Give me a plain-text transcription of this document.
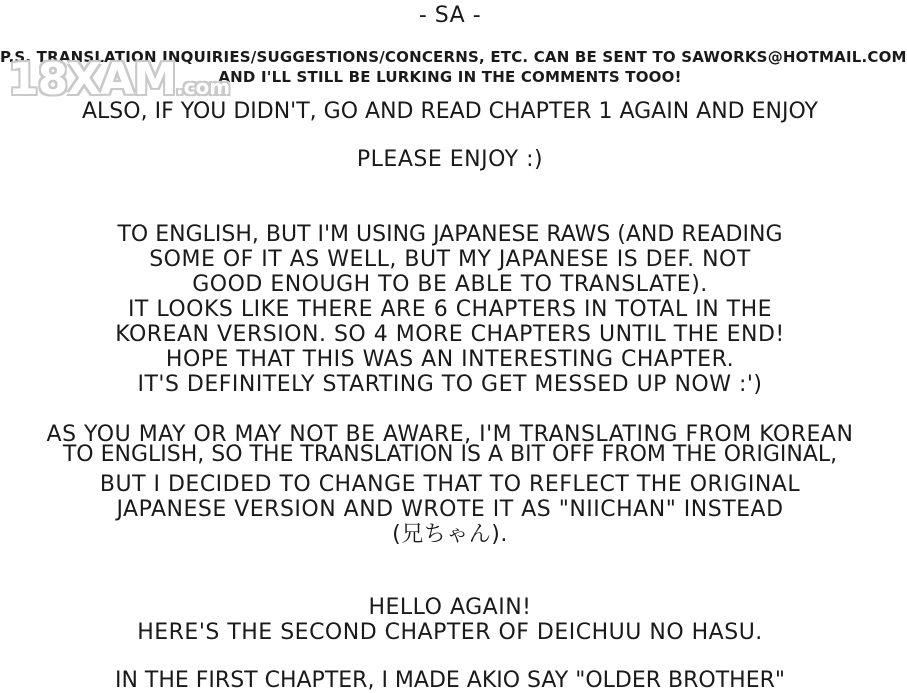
- SA -
P.S. TRANSLATION INQUIRIES/SUGGESTIONS/CONCERNS, ETC. CAN BE SENT TO SAWORKS@HOTMAIL.COM
AND I'LL STILL BE LURKING IN THE COMMENTS TOOO!
ALSO, IF YOU DIDN'T, GO AND READ CHAPTER 1 AGAIN AND ENJOY
PLEASE ENJOY :)
TO ENGLISH, BUT I'M USING JAPANESE RAWS (AND READING
SOME OF IT AS WELL, BUT MY JAPANESE IS DEF. NOT
GOOD ENOUGH TO BE ABLE TO TRANSLATE).
IT LOOKS LIKE THERE ARE 6 CHAPTERS IN TOTAL IN THE
KOREAN VERSION. SO 4 MORE CHAPTERS UNTIL THE END!
HOPE THAT THIS WAS AN INTERESTING CHAPTER.
IT'S DEFINITELY STARTING TO GET MESSED UP NOW :')
AS YOU MAY OR MAY NOT BE AWARE, I'M TRANSLATING FROM KOREAN
TO ENGLISH, SO THE TRANSLATION IS A BIT OFF FROM THE ORIGINAL,
BUT I DECIDED TO CHANGE THAT TO REFLECT THE ORIGINAL
JAPANESE VERSION AND WROTE IT AS "NIICHAN" INSTEAD
(兄ちゃん).
HELLO AGAIN!
HERE'S THE SECOND CHAPTER OF DEICHUU NO HASU.
IN THE FIRST CHAPTER, I MADE AKIO SAY "OLDER BROTHER"
18XAM.com
